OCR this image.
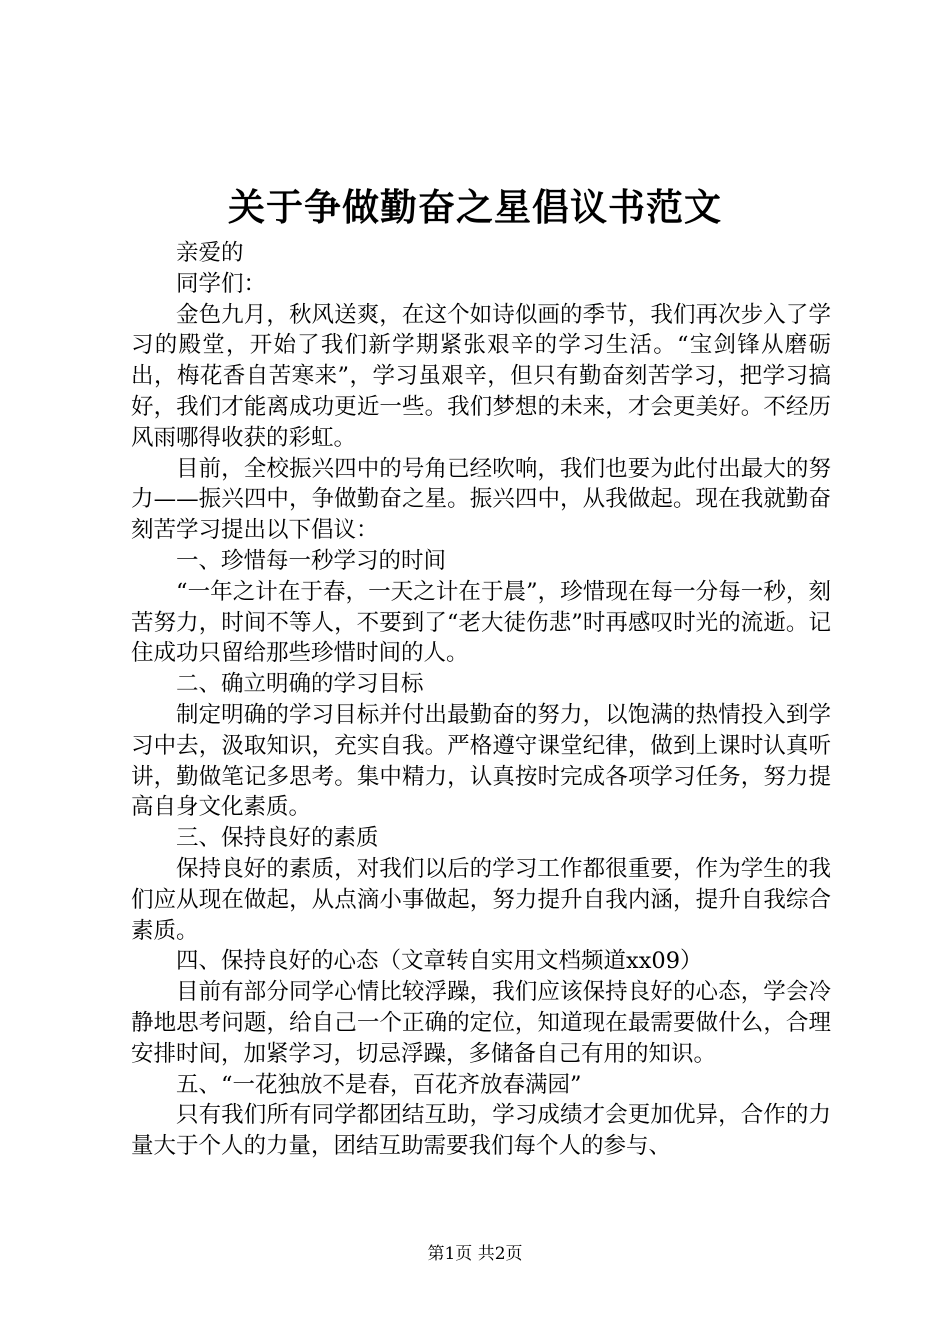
关于争做勤奋之星倡议书范文

亲爱的

同学们：

金色九月，秋风送爽，在这个如诗似画的季节，我们再次步入了学习的殿堂，开始了我们新学期紧张艰辛的学习生活。“宝剑锋从磨砺出，梅花香自苦寒来”，学习虽艰辛，但只有勤奋刻苦学习，把学习搞好，我们才能离成功更近一些。我们梦想的未来，才会更美好。不经历风雨哪得收获的彩虹。

目前，全校振兴四中的号角已经吹响，我们也要为此付出最大的努力——振兴四中，争做勤奋之星。振兴四中，从我做起。现在我就勤奋刻苦学习提出以下倡议：

一、珍惜每一秒学习的时间

“一年之计在于春，一天之计在于晨”，珍惜现在每一分每一秒，刻苦努力，时间不等人，不要到了“老大徒伤悲”时再感叹时光的流逝。记住成功只留给那些珍惜时间的人。

二、确立明确的学习目标

制定明确的学习目标并付出最勤奋的努力，以饱满的热情投入到学习中去，汲取知识，充实自我。严格遵守课堂纪律，做到上课时认真听讲，勤做笔记多思考。集中精力，认真按时完成各项学习任务，努力提高自身文化素质。

三、保持良好的素质

保持良好的素质，对我们以后的学习工作都很重要，作为学生的我们应从现在做起，从点滴小事做起，努力提升自我内涵，提升自我综合素质。

四、保持良好的心态（文章转自实用文档频道xx09）

目前有部分同学心情比较浮躁，我们应该保持良好的心态，学会冷静地思考问题，给自己一个正确的定位，知道现在最需要做什么，合理安排时间，加紧学习，切忌浮躁，多储备自己有用的知识。

五、“一花独放不是春，百花齐放春满园”

只有我们所有同学都团结互助，学习成绩才会更加优异，合作的力量大于个人的力量，团结互助需要我们每个人的参与、

第1页 共2页
